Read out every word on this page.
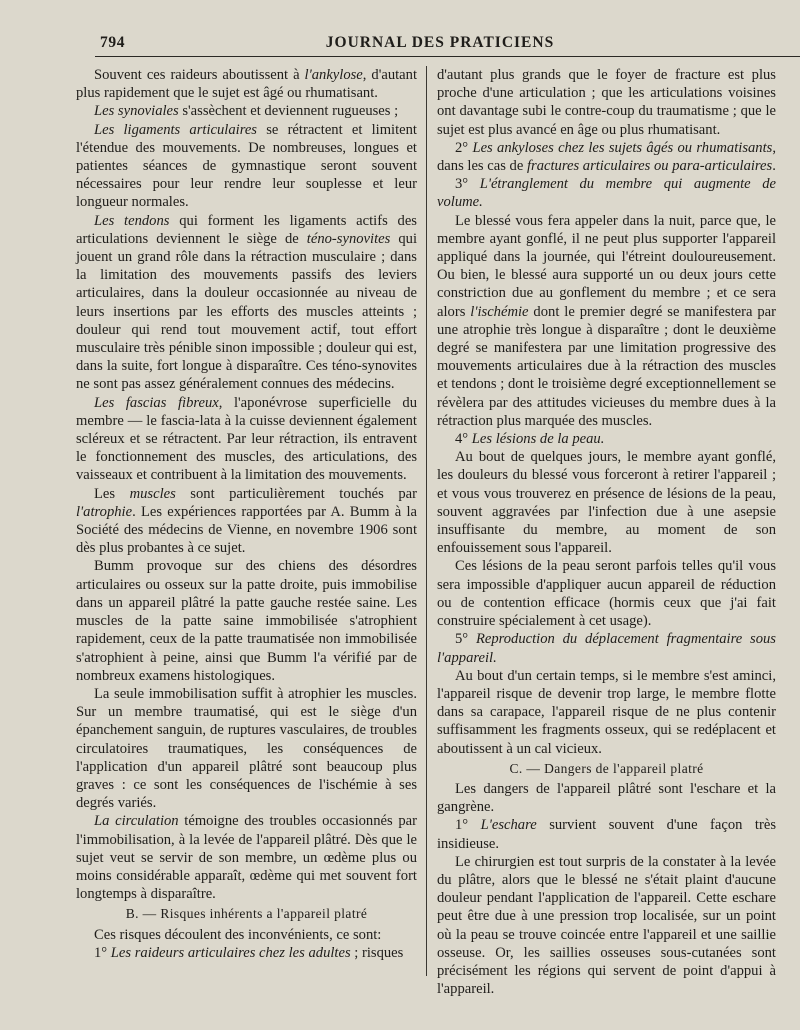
794	JOURNAL DES PRATICIENS

Souvent ces raideurs aboutissent à l'ankylose, d'autant plus rapidement que le sujet est âgé ou rhumatisant.

Les synoviales s'assèchent et deviennent rugueuses ;

Les ligaments articulaires se rétractent et limitent l'étendue des mouvements. De nombreuses, longues et patientes séances de gymnastique seront souvent nécessaires pour leur rendre leur souplesse et leur longueur normales.

Les tendons qui forment les ligaments actifs des articulations deviennent le siège de téno-synovites qui jouent un grand rôle dans la rétraction musculaire ; dans la limitation des mouvements passifs des leviers articulaires, dans la douleur occasionnée au niveau de leurs insertions par les efforts des muscles atteints ; douleur qui rend tout mouvement actif, tout effort musculaire très pénible sinon impossible ; douleur qui est, dans la suite, fort longue à disparaître. Ces téno-synovites ne sont pas assez généralement connues des médecins.

Les fascias fibreux, l'aponévrose superficielle du membre — le fascia-lata à la cuisse deviennent également scléreux et se rétractent. Par leur rétraction, ils entravent le fonctionnement des muscles, des articulations, des vaisseaux et contribuent à la limitation des mouvements.

Les muscles sont particulièrement touchés par l'atrophie. Les expériences rapportées par A. Bumm à la Société des médecins de Vienne, en novembre 1906 sont dès plus probantes à ce sujet.

Bumm provoque sur des chiens des désordres articulaires ou osseux sur la patte droite, puis immobilise dans un appareil plâtré la patte gauche restée saine. Les muscles de la patte saine immobilisée s'atrophient rapidement, ceux de la patte traumatisée non immobilisée s'atrophient à peine, ainsi que Bumm l'a vérifié par de nombreux examens histologiques.

La seule immobilisation suffit à atrophier les muscles. Sur un membre traumatisé, qui est le siège d'un épanchement sanguin, de ruptures vasculaires, de troubles circulatoires traumatiques, les conséquences de l'application d'un appareil plâtré sont beaucoup plus graves : ce sont les conséquences de l'ischémie à ses degrés variés.

La circulation témoigne des troubles occasionnés par l'immobilisation, à la levée de l'appareil plâtré. Dès que le sujet veut se servir de son membre, un œdème plus ou moins considérable apparaît, œdème qui met souvent fort longtemps à disparaître.

B. — Risques inhérents a l'appareil platré

Ces risques découlent des inconvénients, ce sont:

1° Les raideurs articulaires chez les adultes ; risques

d'autant plus grands que le foyer de fracture est plus proche d'une articulation ; que les articulations voisines ont davantage subi le contre-coup du traumatisme ; que le sujet est plus avancé en âge ou plus rhumatisant.

2° Les ankyloses chez les sujets âgés ou rhumatisants, dans les cas de fractures articulaires ou para-articulaires.

3° L'étranglement du membre qui augmente de volume.

Le blessé vous fera appeler dans la nuit, parce que, le membre ayant gonflé, il ne peut plus supporter l'appareil appliqué dans la journée, qui l'étreint douloureusement. Ou bien, le blessé aura supporté un ou deux jours cette constriction due au gonflement du membre ; et ce sera alors l'ischémie dont le premier degré se manifestera par une atrophie très longue à disparaître ; dont le deuxième degré se manifestera par une limitation progressive des mouvements articulaires due à la rétraction des muscles et tendons ; dont le troisième degré exceptionnellement se révèlera par des attitudes vicieuses du membre dues à la rétraction plus marquée des muscles.

4° Les lésions de la peau.

Au bout de quelques jours, le membre ayant gonflé, les douleurs du blessé vous forceront à retirer l'appareil ; et vous vous trouverez en présence de lésions de la peau, souvent aggravées par l'infection due à une asepsie insuffisante du membre, au moment de son enfouissement sous l'appareil.

Ces lésions de la peau seront parfois telles qu'il vous sera impossible d'appliquer aucun appareil de réduction ou de contention efficace (hormis ceux que j'ai fait construire spécialement à cet usage).

5° Reproduction du déplacement fragmentaire sous l'appareil.

Au bout d'un certain temps, si le membre s'est aminci, l'appareil risque de devenir trop large, le membre flotte dans sa carapace, l'appareil risque de ne plus contenir suffisamment les fragments osseux, qui se redéplacent et aboutissent à un cal vicieux.

C. — Dangers de l'appareil platré

Les dangers de l'appareil plâtré sont l'eschare et la gangrène.

1° L'eschare survient souvent d'une façon très insidieuse.

Le chirurgien est tout surpris de la constater à la levée du plâtre, alors que le blessé ne s'était plaint d'aucune douleur pendant l'application de l'appareil. Cette eschare peut être due à une pression trop localisée, sur un point où la peau se trouve coincée entre l'appareil et une saillie osseuse. Or, les saillies osseuses sous-cutanées sont précisément les régions qui servent de point d'appui à l'appareil.
